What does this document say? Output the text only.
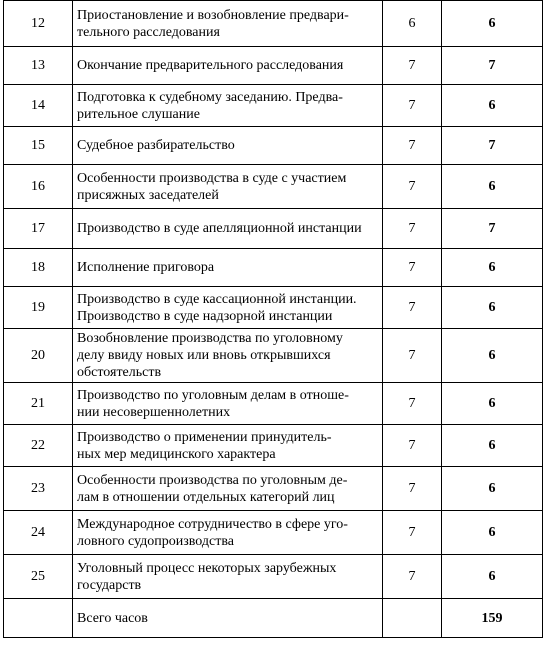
12	Приостановление и возобновление предвари-
тельного расследования	6	6
13	Окончание предварительного расследования	7	7
14	Подготовка к судебному заседанию. Предва-
рительное слушание	7	6
15	Судебное разбирательство	7	7
16	Особенности производства в суде с участием
присяжных заседателей	7	6
17	Производство в суде апелляционной инстанции	7	7
18	Исполнение приговора	7	6
19	Производство в суде кассационной инстанции.
Производство в суде надзорной инстанции	7	6
20	Возобновление производства по уголовному
делу ввиду новых или вновь открывшихся
обстоятельств	7	6
21	Производство по уголовным делам в отноше-
нии несовершеннолетних	7	6
22	Производство о применении принудитель-
ных мер медицинского характера	7	6
23	Особенности производства по уголовным де-
лам в отношении отдельных категорий лиц	7	6
24	Международное сотрудничество в сфере уго-
ловного судопроизводства	7	6
25	Уголовный процесс некоторых зарубежных
государств	7	6
	Всего часов		159
